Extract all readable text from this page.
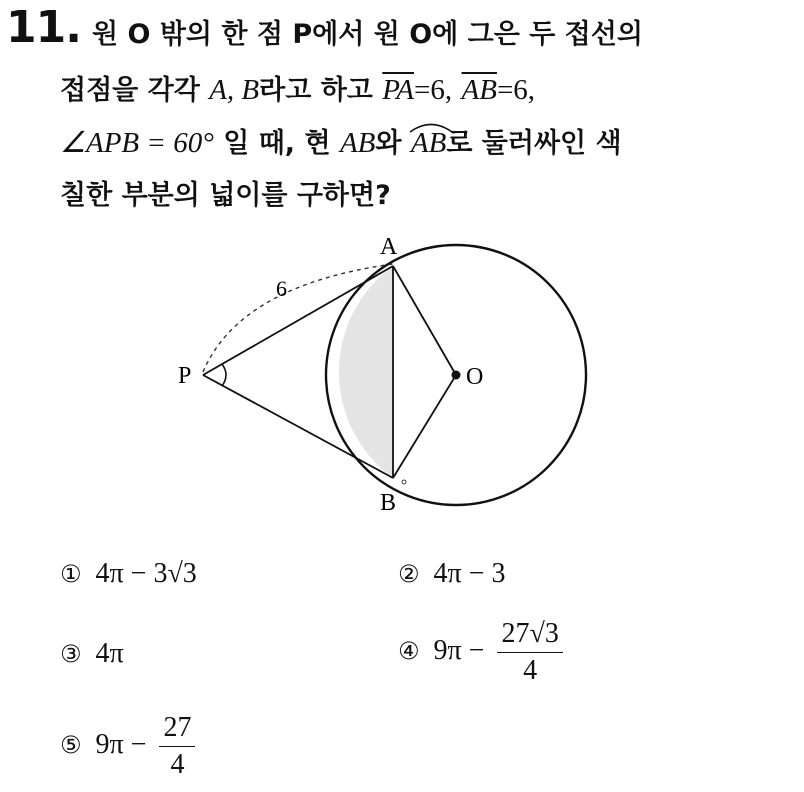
11. 원 O 밖의 한 점 P에서 원 O에 그은 두 접선의
접점을 각각 A, B라고 하고 $\overline{PA}=6$, $\overline{AB}=6$,
∠APB = 60° 일 때, 현 AB와 AB
로 둘러싸인 색
칠한 부분의 넓이를 구하면?
A
B
P	O
6
① 4π − 3√3	② 4π − 3
③ 4π	④ $9\pi - \frac{27√3}{4}$
⑤ $9\pi - \frac{27}{4}$
